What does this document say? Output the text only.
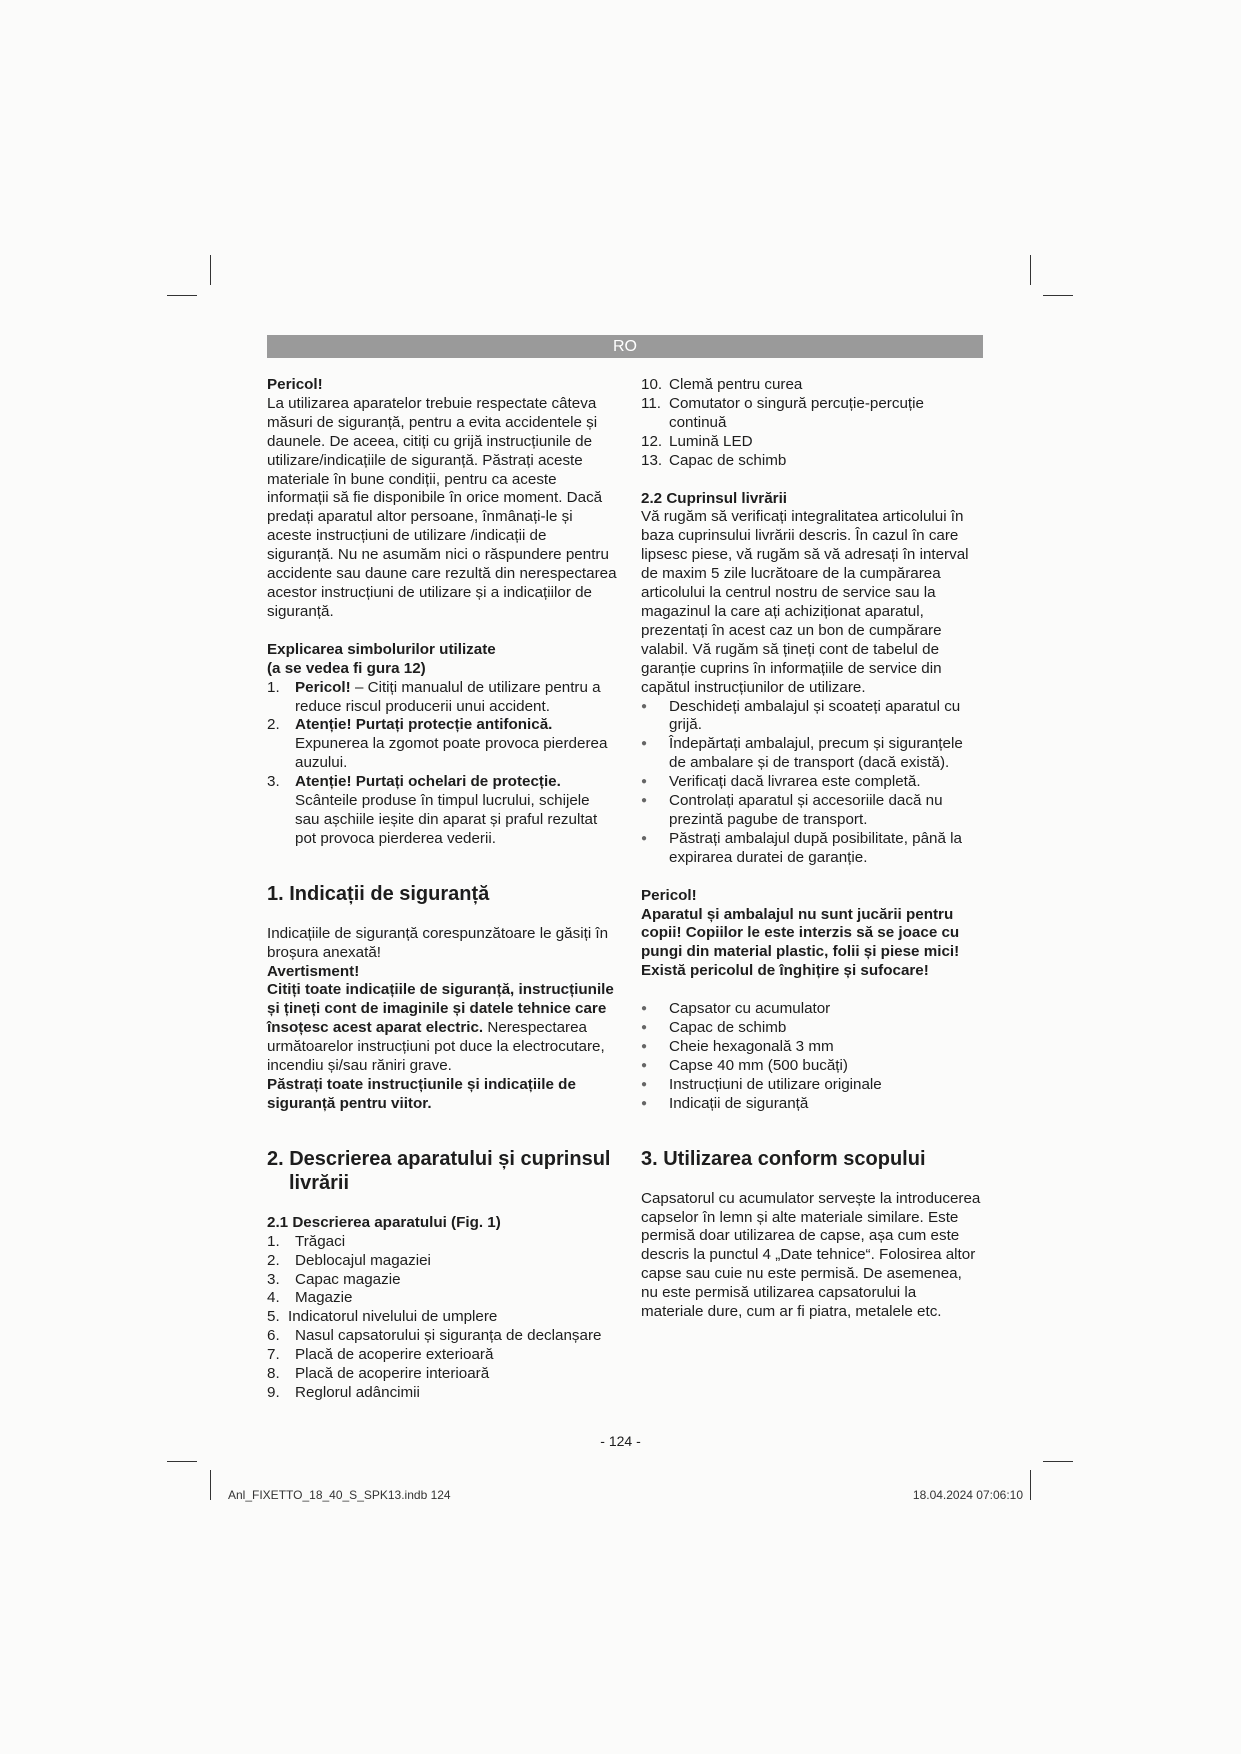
RO

Pericol!

La utilizarea aparatelor trebuie respectate câteva măsuri de siguranță, pentru a evita accidentele și daunele. De aceea, citiți cu grijă instrucțiunile de utilizare/indicațiile de siguranță. Păstrați aceste materiale în bune condiții, pentru ca aceste informații să fie disponibile în orice moment. Dacă predați aparatul altor persoane, înmânați-le și aceste instrucțiuni de utilizare /indicații de siguranță. Nu ne asumăm nici o răspundere pentru accidente sau daune care rezultă din nerespectarea acestor instrucțiuni de utilizare și a indicațiilor de siguranță.

Explicarea simbolurilor utilizate

(a se vedea fi gura 12)

1. Pericol! – Citiți manualul de utilizare pentru a reduce riscul producerii unui accident.
2. Atenție! Purtați protecție antifonică. Expunerea la zgomot poate provoca pierderea auzului.
3. Atenție! Purtați ochelari de protecție. Scânteile produse în timpul lucrului, schijele sau așchiile ieșite din aparat și praful rezultat pot provoca pierderea vederii.

1. Indicații de siguranță

Indicațiile de siguranță corespunzătoare le găsiți în broșura anexată!

Avertisment!

Citiți toate indicațiile de siguranță, instrucțiunile și țineți cont de imaginile și datele tehnice care însoțesc acest aparat electric. Nerespectarea următoarelor instrucțiuni pot duce la electrocutare, incendiu și/sau răniri grave.

Păstrați toate instrucțiunile și indicațiile de siguranță pentru viitor.

2. Descrierea aparatului și cuprinsul
livrării

2.1 Descrierea aparatului (Fig. 1)

1. Trăgaci
2. Deblocajul magaziei
3. Capac magazie
4. Magazie
5. Indicatorul nivelului de umplere
6. Nasul capsatorului și siguranța de declanșare
7. Placă de acoperire exterioară
8. Placă de acoperire interioară
9. Reglorul adâncimii
10. Clemă pentru curea
11. Comutator o singură percuție-percuție continuă
12. Lumină LED
13. Capac de schimb

2.2 Cuprinsul livrării

Vă rugăm să verificați integralitatea articolului în baza cuprinsului livrării descris. În cazul în care lipsesc piese, vă rugăm să vă adresați în interval de maxim 5 zile lucrătoare de la cumpărarea articolului la centrul nostru de service sau la magazinul la care ați achiziționat aparatul, prezentați în acest caz un bon de cumpărare valabil. Vă rugăm să țineți cont de tabelul de garanție cuprins în informațiile de service din capătul instrucțiunilor de utilizare.

● Deschideți ambalajul și scoateți aparatul cu grijă.
● Îndepărtați ambalajul, precum și siguranțele de ambalare și de transport (dacă există).
● Verificați dacă livrarea este completă.
● Controlați aparatul și accesoriile dacă nu prezintă pagube de transport.
● Păstrați ambalajul după posibilitate, până la expirarea duratei de garanție.

Pericol!

Aparatul și ambalajul nu sunt jucării pentru copii! Copiilor le este interzis să se joace cu pungi din material plastic, folii și piese mici! Există pericolul de înghițire și sufocare!

● Capsator cu acumulator
● Capac de schimb
● Cheie hexagonală 3 mm
● Capse 40 mm (500 bucăți)
● Instrucțiuni de utilizare originale
● Indicații de siguranță

3. Utilizarea conform scopului

Capsatorul cu acumulator servește la introducerea capselor în lemn și alte materiale similare. Este permisă doar utilizarea de capse, așa cum este descris la punctul 4 „Date tehnice“. Folosirea altor capse sau cuie nu este permisă. De asemenea, nu este permisă utilizarea capsatorului la materiale dure, cum ar fi piatra, metalele etc.

- 124 -
Anl_FIXETTO_18_40_S_SPK13.indb 124	18.04.2024 07:06:10
